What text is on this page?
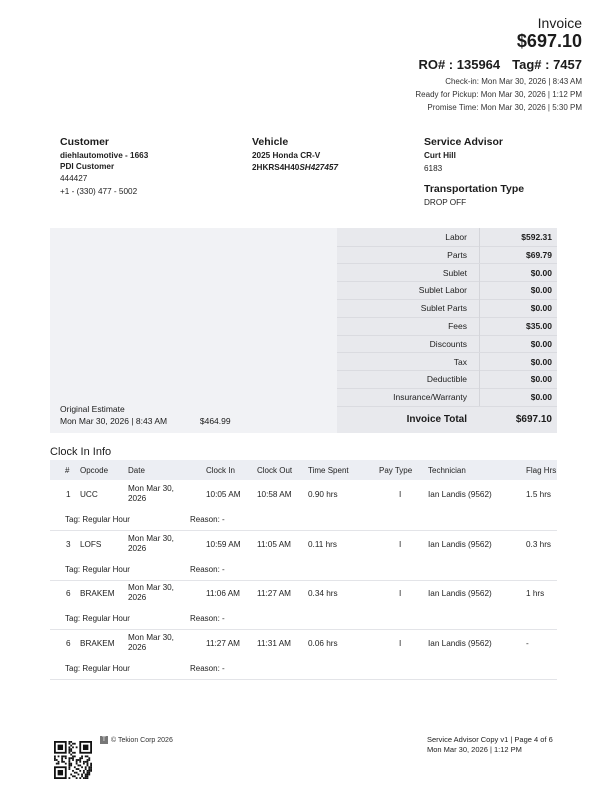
Invoice
$697.10
RO# : 135964 Tag# : 7457
Check-in: Mon Mar 30, 2026 | 8:43 AM
Ready for Pickup: Mon Mar 30, 2026 | 1:12 PM
Promise Time: Mon Mar 30, 2026 | 5:30 PM
Customer
diehlautomotive - 1663
PDI Customer
444427
+1 - (330) 477 - 5002
Vehicle
2025 Honda CR-V
2HKRS4H40SH427457
Service Advisor
Curt Hill
6183
Transportation Type
DROP OFF
Labor	$592.31
Parts	$69.79
Sublet	$0.00
Sublet Labor	$0.00
Sublet Parts	$0.00
Fees	$35.00
Discounts	$0.00
Tax	$0.00
Deductible	$0.00
Insurance/Warranty	$0.00
Invoice Total	$697.10
Original Estimate
Mon Mar 30, 2026 | 8:43 AM	$464.99
Clock In Info
# Opcode Date	Clock In	Clock Out Time Spent	Pay Type Technician	Flag Hrs
1 UCC
Mon Mar 30,
2026	10:05 AM 10:58 AM 0.90 hrs	I	Ian Landis (9562)	1.5 hrs
Tag: Regular Hour	Reason: -
3 LOFS
Mon Mar 30,
2026	10:59 AM 11:05 AM 0.11 hrs	I	Ian Landis (9562)	0.3 hrs
Tag: Regular Hour	Reason: -
6 BRAKEM
Mon Mar 30,
2026	11:06 AM 11:27 AM 0.34 hrs	I	Ian Landis (9562)	1 hrs
Tag: Regular Hour	Reason: -
6 BRAKEM
Mon Mar 30,
2026	11:27 AM 11:31 AM 0.06 hrs	I	Ian Landis (9562)	-
Tag: Regular Hour	Reason: -
T © Tekion Corp 2026	Service Advisor Copy v1 | Page 4 of 6
Mon Mar 30, 2026 | 1:12 PM
